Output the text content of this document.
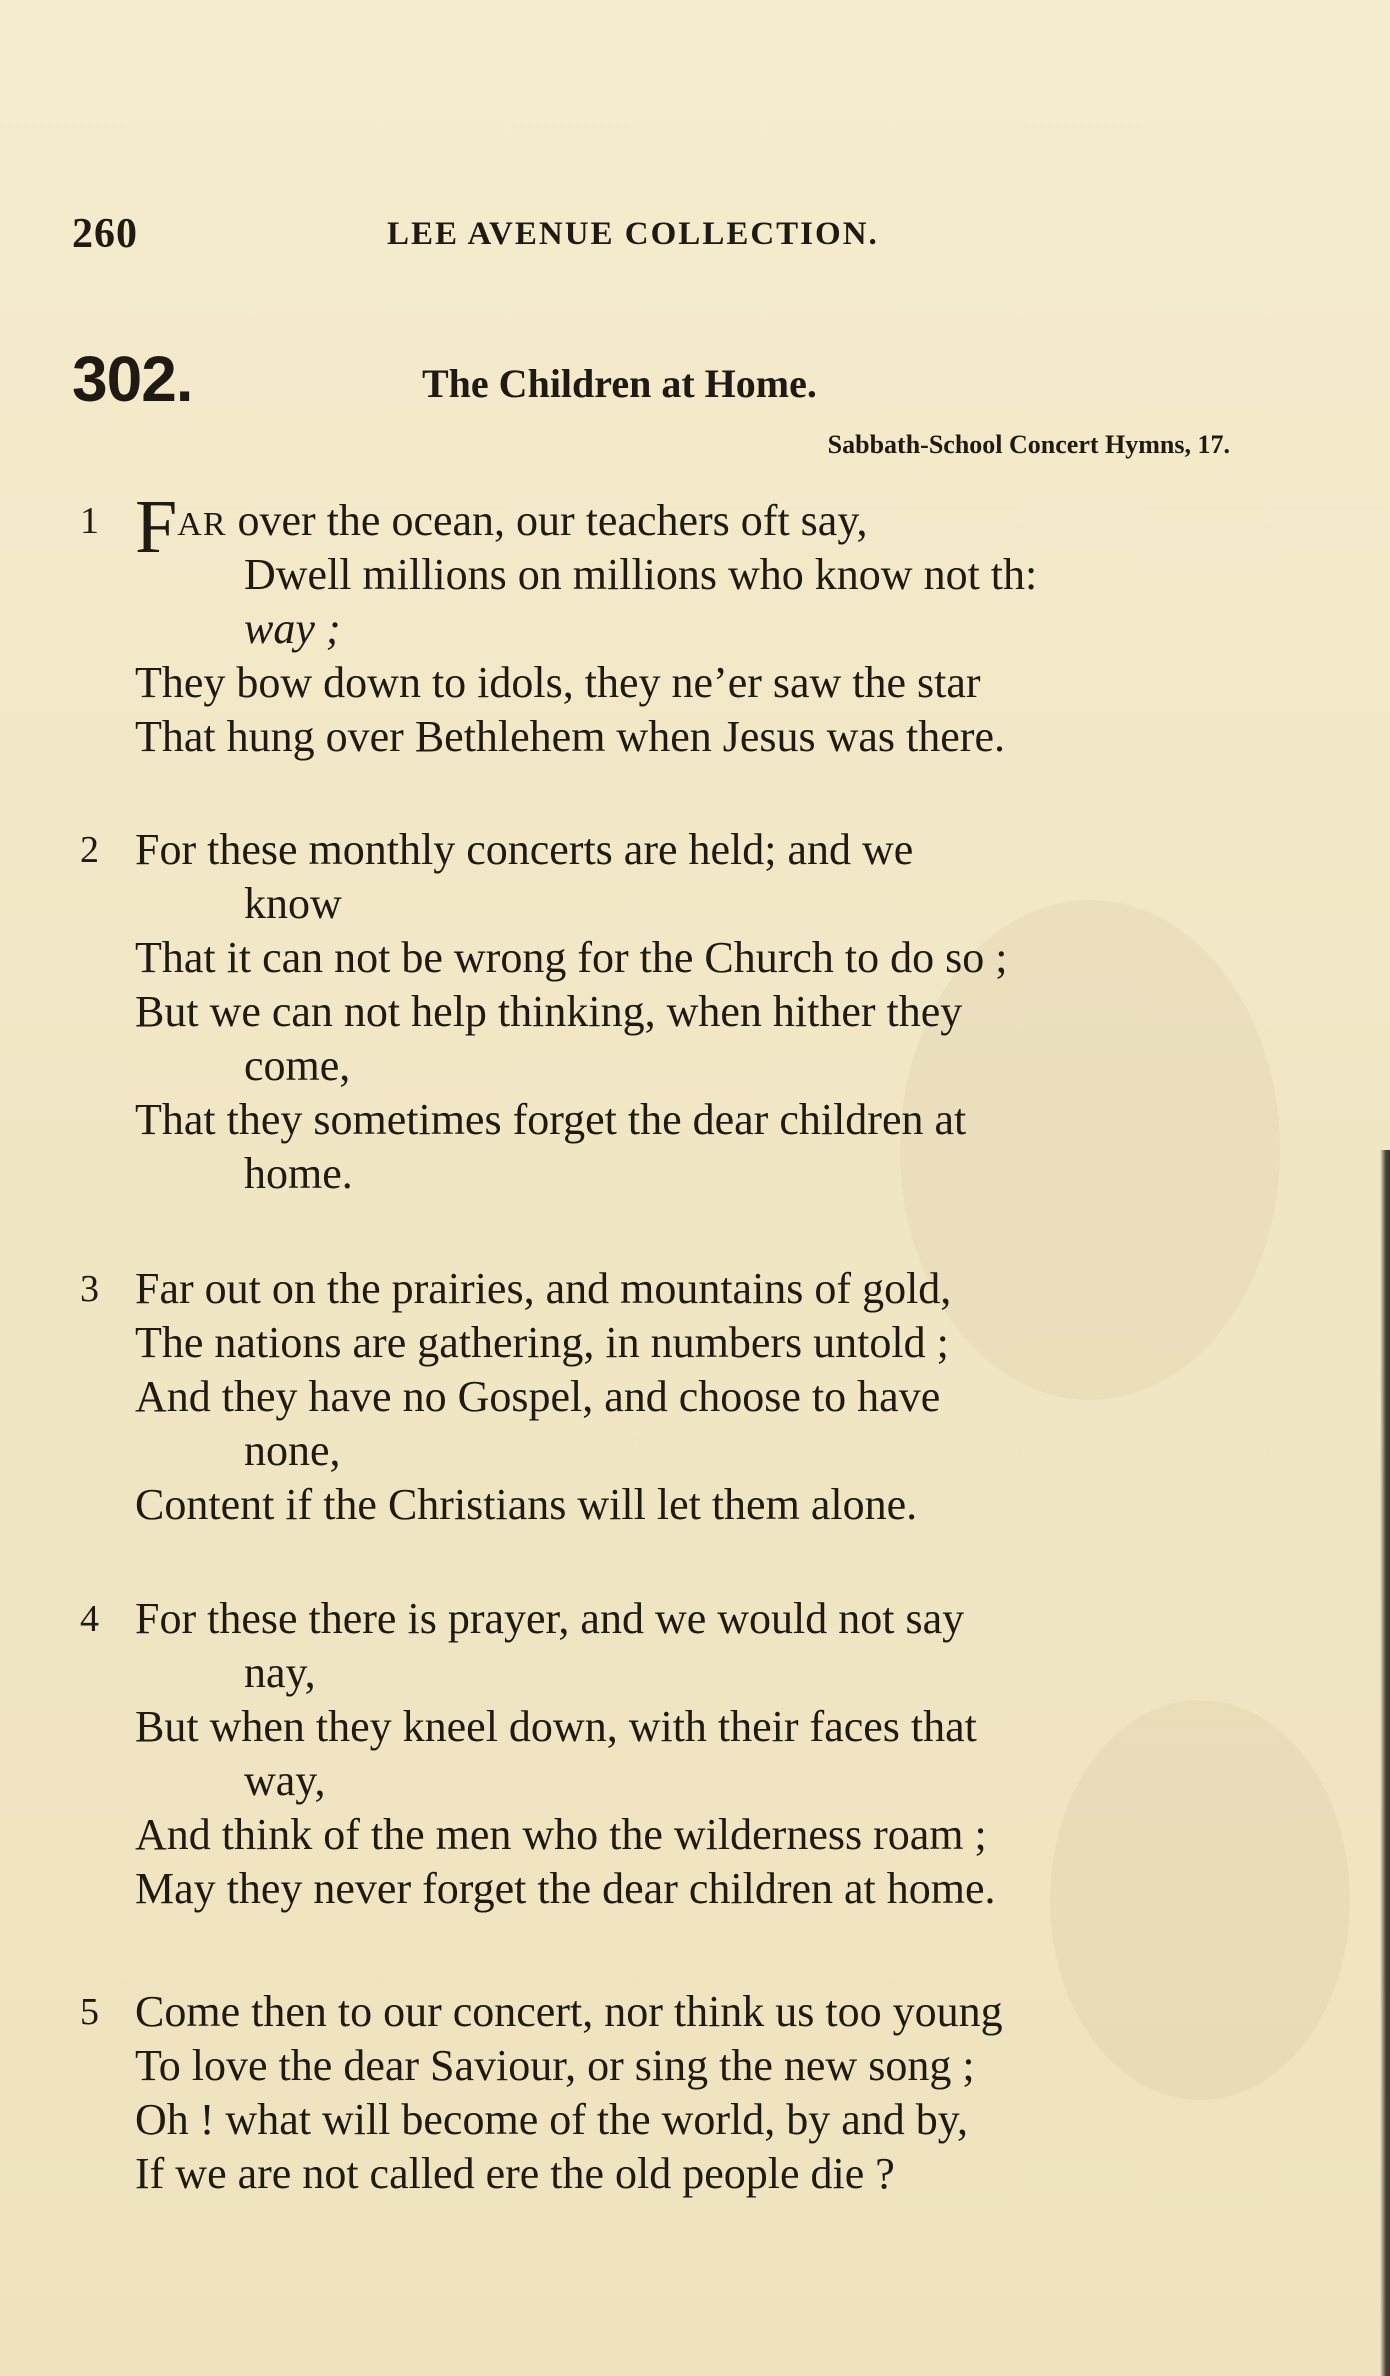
260	LEE AVENUE COLLECTION.
302.	The Children at Home.
Sabbath-School Concert Hymns, 17.
1 FAR over the ocean, our teachers oft say,
Dwell millions on millions who know not th:
way ;
They bow down to idols, they ne’er saw the star
That hung over Bethlehem when Jesus was there.
2 For these monthly concerts are held; and we
know
That it can not be wrong for the Church to do so ;
But we can not help thinking, when hither they
come,
That they sometimes forget the dear children at
home.
3 Far out on the prairies, and mountains of gold,
The nations are gathering, in numbers untold ;
And they have no Gospel, and choose to have
none,
Content if the Christians will let them alone.
4 For these there is prayer, and we would not say
nay,
But when they kneel down, with their faces that
way,
And think of the men who the wilderness roam ;
May they never forget the dear children at home.
5 Come then to our concert, nor think us too young
To love the dear Saviour, or sing the new song ;
Oh ! what will become of the world, by and by,
If we are not called ere the old people die ?
